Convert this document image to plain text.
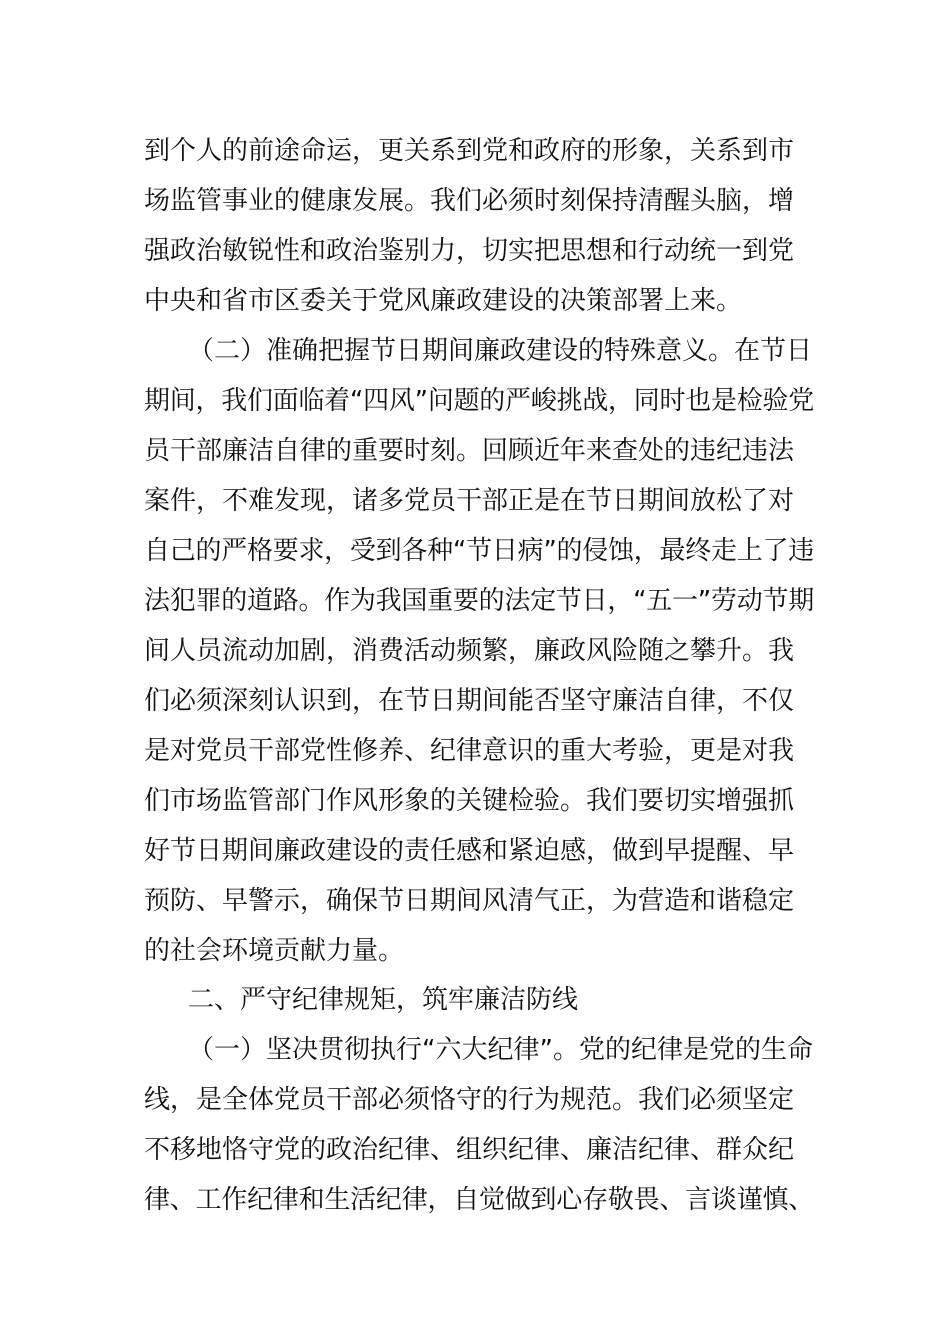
到个人的前途命运，更关系到党和政府的形象，关系到市
场监管事业的健康发展。我们必须时刻保持清醒头脑，增
强政治敏锐性和政治鉴别力，切实把思想和行动统一到党
中央和省市区委关于党风廉政建设的决策部署上来。
（二）准确把握节日期间廉政建设的特殊意义。在节日
期间，我们面临着“四风”问题的严峻挑战，同时也是检验党
员干部廉洁自律的重要时刻。回顾近年来查处的违纪违法
案件，不难发现，诸多党员干部正是在节日期间放松了对
自己的严格要求，受到各种“节日病”的侵蚀，最终走上了违
法犯罪的道路。作为我国重要的法定节日，“五一”劳动节期
间人员流动加剧，消费活动频繁，廉政风险随之攀升。我
们必须深刻认识到，在节日期间能否坚守廉洁自律，不仅
是对党员干部党性修养、纪律意识的重大考验，更是对我
们市场监管部门作风形象的关键检验。我们要切实增强抓
好节日期间廉政建设的责任感和紧迫感，做到早提醒、早
预防、早警示，确保节日期间风清气正，为营造和谐稳定
的社会环境贡献力量。
二、严守纪律规矩，筑牢廉洁防线
（一）坚决贯彻执行“六大纪律”。党的纪律是党的生命
线，是全体党员干部必须恪守的行为规范。我们必须坚定
不移地恪守党的政治纪律、组织纪律、廉洁纪律、群众纪
律、工作纪律和生活纪律，自觉做到心存敬畏、言谈谨慎、
